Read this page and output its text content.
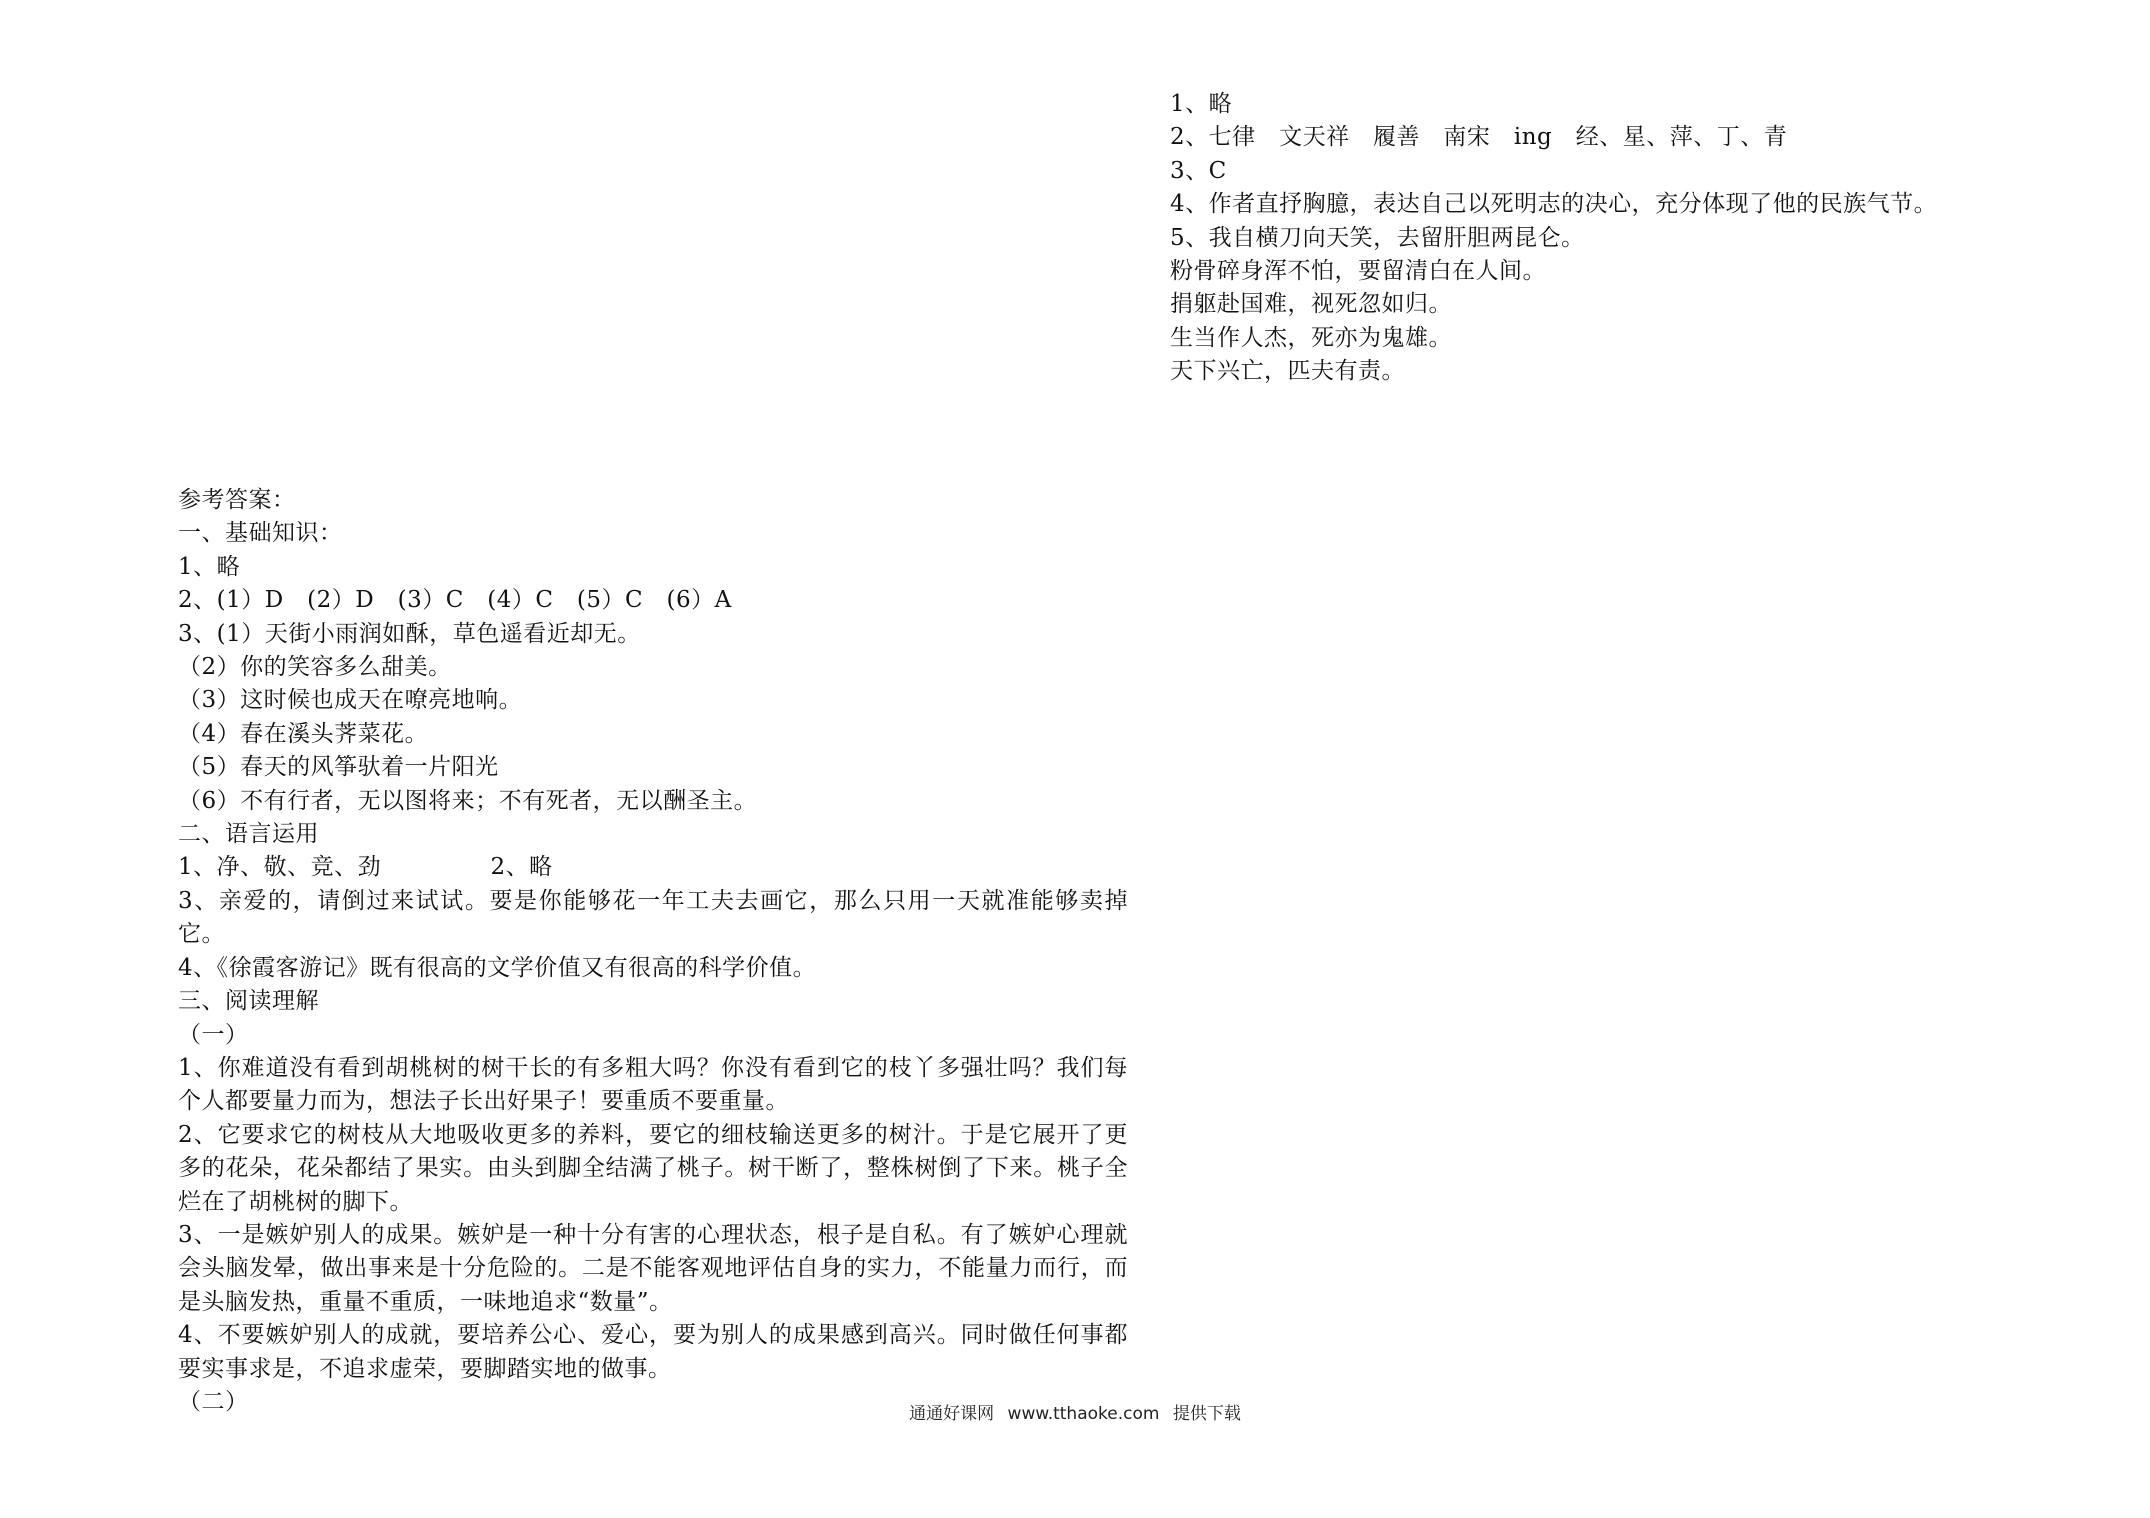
1、略
2、七律   文天祥   履善   南宋   ing   经、星、萍、丁、青
3、C
4、作者直抒胸臆，表达自己以死明志的决心，充分体现了他的民族气节。
5、我自横刀向天笑，去留肝胆两昆仑。
粉骨碎身浑不怕，要留清白在人间。
捐躯赴国难，视死忽如归。
生当作人杰，死亦为鬼雄。
天下兴亡，匹夫有责。
参考答案：
一、基础知识：
1、略
2、(1）D   (2）D   (3）C   (4）C   (5）C   (6）A
3、(1）天街小雨润如酥，草色遥看近却无。
（2）你的笑容多么甜美。
（3）这时候也成天在嘹亮地响。
（4）春在溪头荠菜花。
（5）春天的风筝驮着一片阳光
（6）不有行者，无以图将来；不有死者，无以酬圣主。
二、语言运用
1、净、敬、竞、劲              2、略
3、亲爱的，请倒过来试试。要是你能够花一年工夫去画它，那么只用一天就准能够卖掉它。
4、《徐霞客游记》既有很高的文学价值又有很高的科学价值。
三、阅读理解
（一）
1、你难道没有看到胡桃树的树干长的有多粗大吗？你没有看到它的枝丫多强壮吗？我们每个人都要量力而为，想法子长出好果子！要重质不要重量。
2、它要求它的树枝从大地吸收更多的养料，要它的细枝输送更多的树汁。于是它展开了更多的花朵，花朵都结了果实。由头到脚全结满了桃子。树干断了，整株树倒了下来。桃子全烂在了胡桃树的脚下。
3、一是嫉妒别人的成果。嫉妒是一种十分有害的心理状态，根子是自私。有了嫉妒心理就会头脑发晕，做出事来是十分危险的。二是不能客观地评估自身的实力，不能量力而行，而是头脑发热，重量不重质，一味地追求“数量”。
4、不要嫉妒别人的成就，要培养公心、爱心，要为别人的成果感到高兴。同时做任何事都要实事求是，不追求虚荣，要脚踏实地的做事。
（二）	通通好课网 www.tthaoke.com 提供下载
